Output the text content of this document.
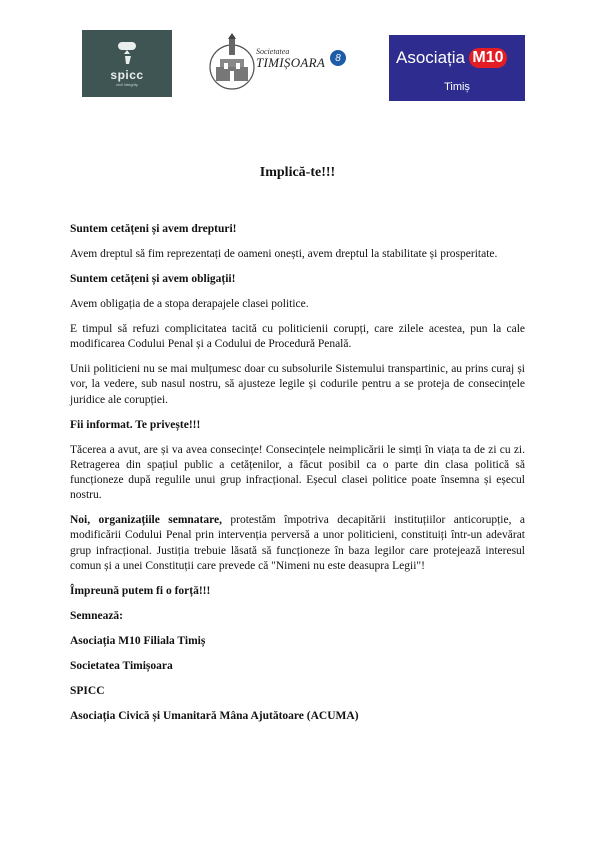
spicc
civil integrity
Societatea
TIMIȘOARA	8	Asociația M10
Timiș
Implică-te!!!

Suntem cetățeni și avem drepturi!

Avem dreptul să fim reprezentați de oameni onești, avem dreptul la stabilitate și prosperitate.

Suntem cetățeni și avem obligații!

Avem obligația de a stopa derapajele clasei politice.

E timpul să refuzi complicitatea tacită cu politicienii corupți, care zilele acestea, pun la cale modificarea Codului Penal și a Codului de Procedură Penală.

Unii politicieni nu se mai mulțumesc doar cu subsolurile Sistemului transpartinic, au prins curaj și vor, la vedere, sub nasul nostru, să ajusteze legile și codurile pentru a se proteja de consecințele juridice ale corupției.

Fii informat. Te privește!!!

Tăcerea a avut, are și va avea consecințe! Consecințele neimplicării le simți în viața ta de zi cu zi. Retragerea din spațiul public a cetățenilor, a făcut posibil ca o parte din clasa politică să funcționeze după regulile unui grup infracțional. Eșecul clasei politice poate însemna și eșecul nostru.

Noi, organizațiile semnatare, protestăm împotriva decapitării instituțiilor anticorupție, a modificării Codului Penal prin intervenția perversă a unor politicieni, constituiți într-un adevărat grup infracțional. Justiția trebuie lăsată să funcționeze în baza legilor care protejează interesul comun și a unei Constituții care prevede că "Nimeni nu este deasupra Legii"!

Împreună putem fi o forță!!!

Semnează:

Asociația M10 Filiala Timiș

Societatea Timișoara

SPICC

Asociația Civică și Umanitară Mâna Ajutătoare (ACUMA)
